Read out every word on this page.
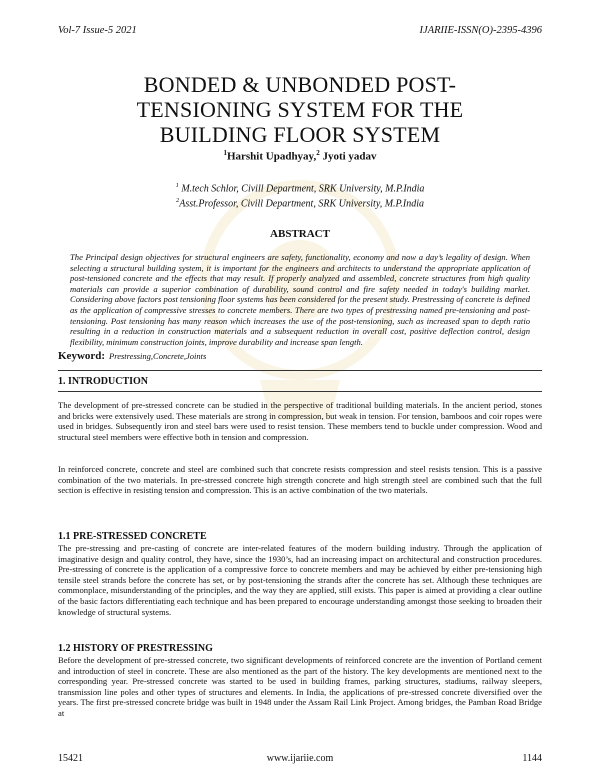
Vol-7 Issue-5 2021	IJARIIE-ISSN(O)-2395-4396
BONDED & UNBONDED POST-
TENSIONING SYSTEM FOR THE
BUILDING FLOOR SYSTEM
$^1$Harshit Upadhyay,$^2$ Jyoti yadav
$^1$ M.tech Schlor, Civill Department, SRK University, M.P.India
$^2$Asst.Professor, Civill Department, SRK University, M.P.India
ABSTRACT

The Principal design objectives for structural engineers are safety, functionality, economy and now a day’s legality of design. When selecting a structural building system, it is important for the engineers and architects to understand the appropriate application of post-tensioned concrete and the effects that may result. If properly analyzed and assembled, concrete structures from high quality materials can provide a superior combination of durability, sound control and fire safety needed in today's building market. Considering above factors post tensioning floor systems has been considered for the present study. Prestressing of concrete is defined as the application of compressive stresses to concrete members. There are two types of prestressing named pre-tensioning and post-tensioning. Post tensioning has many reason which increases the use of the post-tensioning, such as increased span to depth ratio resulting in a reduction in construction materials and a subsequent reduction in overall cost, positive deflection control, design flexibility, minimum construction joints, improve durability and increase span length.

Keyword: Prestressing,Concrete,Joints
1. INTRODUCTION

The development of pre-stressed concrete can be studied in the perspective of traditional building materials. In the ancient period, stones and bricks were extensively used. These materials are strong in compression, but weak in tension. For tension, bamboos and coir ropes were used in bridges. Subsequently iron and steel bars were used to resist tension. These members tend to buckle under compression. Wood and structural steel members were effective both in tension and compression.

In reinforced concrete, concrete and steel are combined such that concrete resists compression and steel resists tension. This is a passive combination of the two materials. In pre-stressed concrete high strength concrete and high strength steel are combined such that the full section is effective in resisting tension and compression. This is an active combination of the two materials.

1.1 PRE-STRESSED CONCRETE

The pre-stressing and pre-casting of concrete are inter-related features of the modern building industry. Through the application of imaginative design and quality control, they have, since the 1930’s, had an increasing impact on architectural and construction procedures. Pre-stressing of concrete is the application of a compressive force to concrete members and may be achieved by either pre-tensioning high tensile steel strands before the concrete has set, or by post-tensioning the strands after the concrete has set. Although these techniques are commonplace, misunderstanding of the principles, and the way they are applied, still exists. This paper is aimed at providing a clear outline of the basic factors differentiating each technique and has been prepared to encourage understanding amongst those seeking to broaden their knowledge of structural systems.

1.2 HISTORY OF PRESTRESSING

Before the development of pre-stressed concrete, two significant developments of reinforced concrete are the invention of Portland cement and introduction of steel in concrete. These are also mentioned as the part of the history. The key developments are mentioned next to the corresponding year. Pre-stressed concrete was started to be used in building frames, parking structures, stadiums, railway sleepers, transmission line poles and other types of structures and elements. In India, the applications of pre-stressed concrete diversified over the years. The first pre-stressed concrete bridge was built in 1948 under the Assam Rail Link Project. Among bridges, the Pamban Road Bridge at

15421	www.ijariie.com	1144
